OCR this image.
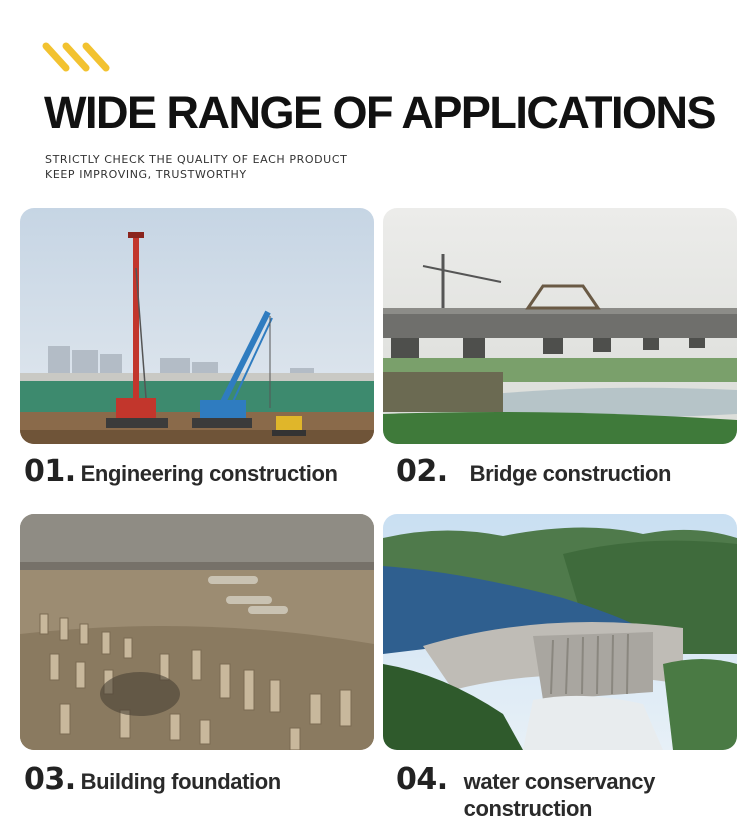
WIDE RANGE OF APPLICATIONS
STRICTLY CHECK THE QUALITY OF EACH PRODUCT
KEEP IMPROVING, TRUSTWORTHY
01. Engineering construction 02. Bridge construction
03. Building foundation	04. water conservancy construction
